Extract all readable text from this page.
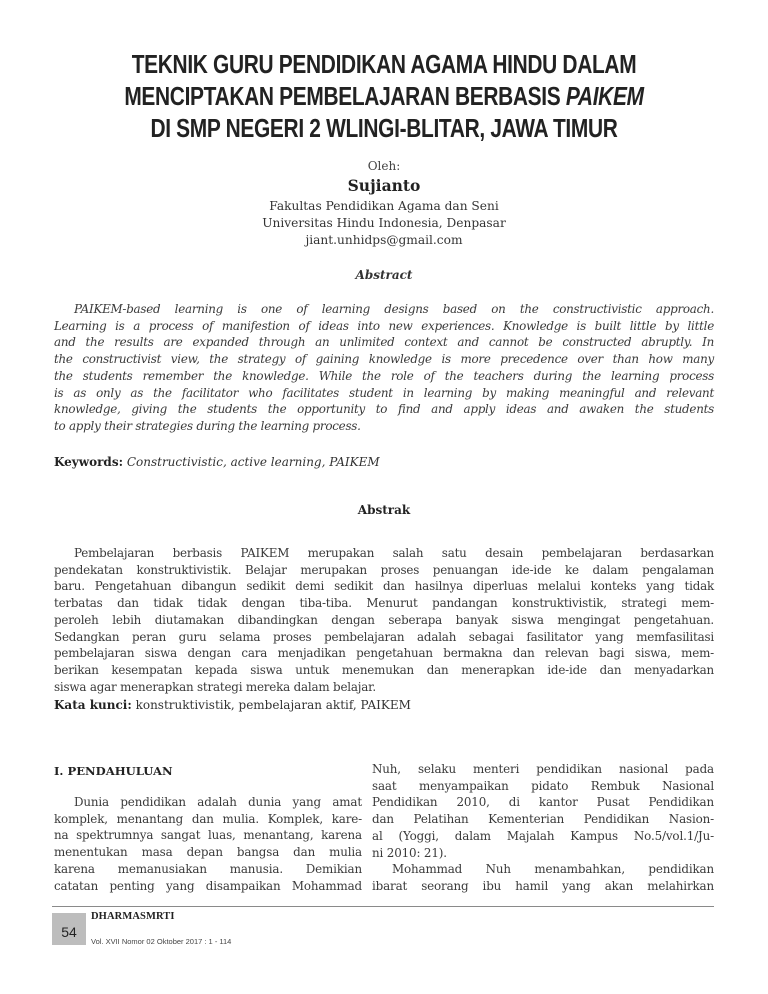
TEKNIK GURU PENDIDIKAN AGAMA HINDU DALAM
MENCIPTAKAN PEMBELAJARAN BERBASIS PAIKEM
DI SMP NEGERI 2 WLINGI-BLITAR, JAWA TIMUR
Oleh:
Sujianto
Fakultas Pendidikan Agama dan Seni
Universitas Hindu Indonesia, Denpasar
jiant.unhidps@gmail.com
Abstract
PAIKEM-based learning is one of learning designs based on the constructivistic approach.
Learning is a process of manifestion of ideas into new experiences. Knowledge is built little by little
and the results are expanded through an unlimited context and cannot be constructed abruptly. In
the constructivist view, the strategy of gaining knowledge is more precedence over than how many
the students remember the knowledge. While the role of the teachers during the learning process
is as only as the facilitator who facilitates student in learning by making meaningful and relevant
knowledge, giving the students the opportunity to find and apply ideas and awaken the students
to apply their strategies during the learning process.
Keywords: Constructivistic, active learning, PAIKEM
Abstrak
Pembelajaran berbasis PAIKEM merupakan salah satu desain pembelajaran berdasarkan
pendekatan konstruktivistik. Belajar merupakan proses penuangan ide-ide ke dalam pengalaman
baru. Pengetahuan dibangun sedikit demi sedikit dan hasilnya diperluas melalui konteks yang tidak
terbatas dan tidak tidak dengan tiba-tiba. Menurut pandangan konstruktivistik, strategi mem-
peroleh lebih diutamakan dibandingkan dengan seberapa banyak siswa mengingat pengetahuan.
Sedangkan peran guru selama proses pembelajaran adalah sebagai fasilitator yang memfasilitasi
pembelajaran siswa dengan cara menjadikan pengetahuan bermakna dan relevan bagi siswa, mem-
berikan kesempatan kepada siswa untuk menemukan dan menerapkan ide-ide dan menyadarkan
siswa agar menerapkan strategi mereka dalam belajar.
Kata kunci: konstruktivistik, pembelajaran aktif, PAIKEM
I. PENDAHULUAN
Dunia pendidikan adalah dunia yang amat
komplek, menantang dan mulia. Komplek, kare-
na spektrumnya sangat luas, menantang, karena
menentukan masa depan bangsa dan mulia
karena memanusiakan manusia. Demikian
catatan penting yang disampaikan Mohammad
Nuh, selaku menteri pendidikan nasional pada
saat menyampaikan pidato Rembuk Nasional
Pendidikan 2010, di kantor Pusat Pendidikan
dan Pelatihan Kementerian Pendidikan Nasion-
al (Yoggi, dalam Majalah Kampus No.5/vol.1/Ju-
ni 2010: 21).
Mohammad Nuh menambahkan, pendidikan
ibarat seorang ibu hamil yang akan melahirkan
54
DHARMASMRTI
Vol. XVII Nomor 02 Oktober 2017 : 1 - 114
